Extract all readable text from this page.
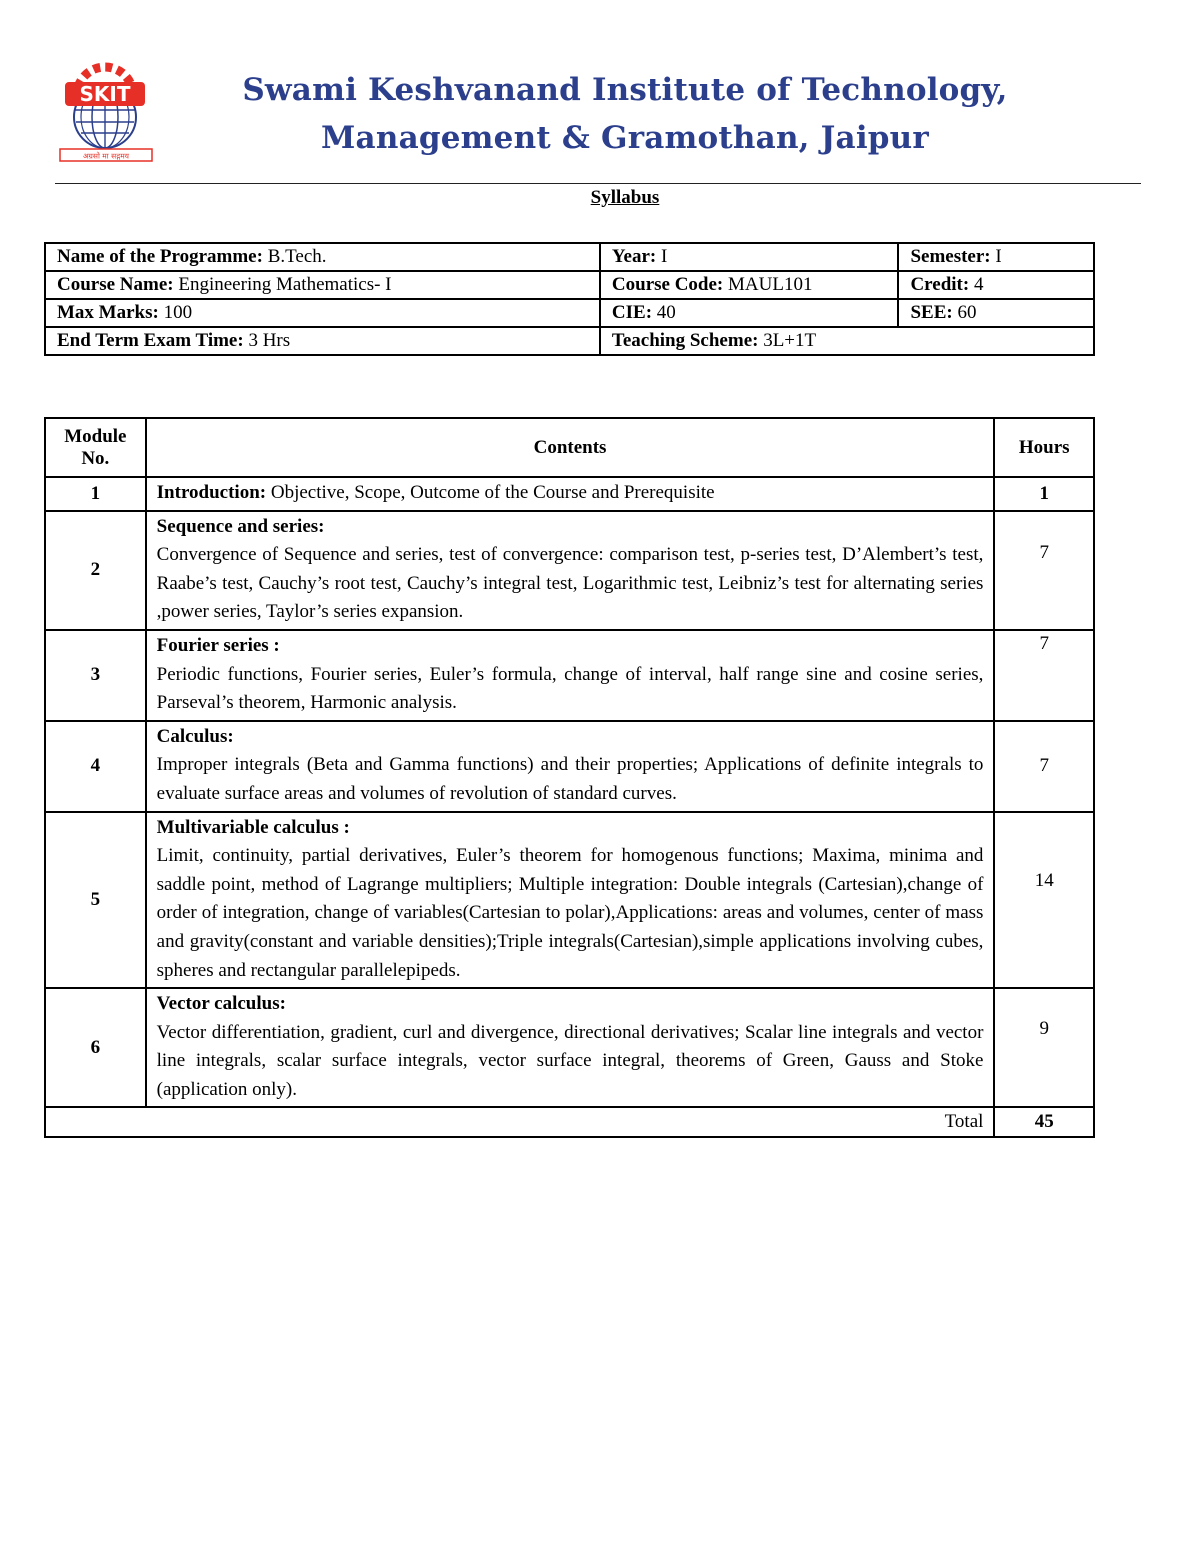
SKIT
अग्रसो मा सद्गमय
Swami Keshvanand Institute of Technology,
Management & Gramothan, Jaipur
Syllabus
Name of the Programme: B.Tech.	Year: I	Semester: I
Course Name: Engineering Mathematics- I	Course Code: MAUL101	Credit: 4
Max Marks: 100	CIE: 40	SEE: 60
End Term Exam Time: 3 Hrs	Teaching Scheme: 3L+1T	
Module
No.	Contents	Hours
1	Introduction: Objective, Scope, Outcome of the Course and Prerequisite	1
2	Sequence and series:
Convergence of Sequence and series, test of convergence: comparison test, p-series test, D’Alembert’s test, Raabe’s test, Cauchy’s root test, Cauchy’s integral test, Logarithmic test, Leibniz’s test for alternating series ,power series, Taylor’s series expansion.	7
3	Fourier series :
Periodic functions, Fourier series, Euler’s formula, change of interval, half range sine and cosine series, Parseval’s theorem, Harmonic analysis.	7
4	Calculus:
Improper integrals (Beta and Gamma functions) and their properties; Applications of definite integrals to evaluate surface areas and volumes of revolution of standard curves.	7
5	Multivariable calculus :
Limit, continuity, partial derivatives, Euler’s theorem for homogenous functions; Maxima, minima and saddle point, method of Lagrange multipliers; Multiple integration: Double integrals (Cartesian),change of order of integration, change of variables(Cartesian to polar),Applications: areas and volumes, center of mass and gravity(constant and variable densities);Triple integrals(Cartesian),simple applications involving cubes, spheres and rectangular parallelepipeds.	14
6	Vector calculus:
Vector differentiation, gradient, curl and divergence, directional derivatives; Scalar line integrals and vector line integrals, scalar surface integrals, vector surface integral, theorems of Green, Gauss and Stoke (application only).	9
Total		45
